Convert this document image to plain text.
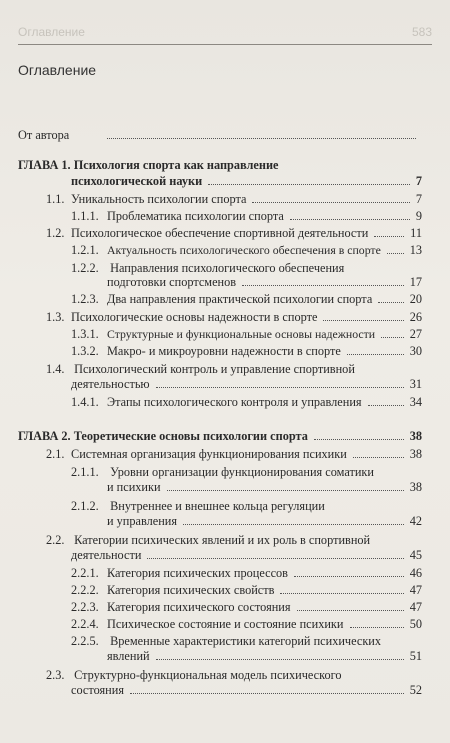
Оглавление	583
Оглавление
От автора
ГЛАВА 1. Психология спорта как направление
психологической науки	7
1.1. Уникальность психологии спорта	7
1.1.1. Проблематика психологии спорта	9
1.2. Психологическое обеспечение спортивной деятельности	11
1.2.1. Актуальность психологического обеспечения в спорте 13
1.2.2. Направления психологического обеспечения
подготовки спортсменов	17
1.2.3. Два направления практической психологии спорта	20
1.3. Психологические основы надежности в спорте	26
1.3.1. Структурные и функциональные основы надежности	27
1.3.2. Макро- и микроуровни надежности в спорте	30
1.4. Психологический контроль и управление спортивной
деятельностью	31
1.4.1. Этапы психологического контроля и управления	34
ГЛАВА 2. Теоретические основы психологии спорта	38
2.1. Системная организация функционирования психики	38
2.1.1. Уровни организации функционирования соматики
и психики	38
2.1.2. Внутреннее и внешнее кольца регуляции
и управления	42
2.2. Категории психических явлений и их роль в спортивной
деятельности	45
2.2.1. Категория психических процессов	46
2.2.2. Категория психических свойств	47
2.2.3. Категория психического состояния	47
2.2.4. Психическое состояние и состояние психики	50
2.2.5. Временные характеристики категорий психических
явлений	51
2.3. Структурно-функциональная модель психического
состояния	52
